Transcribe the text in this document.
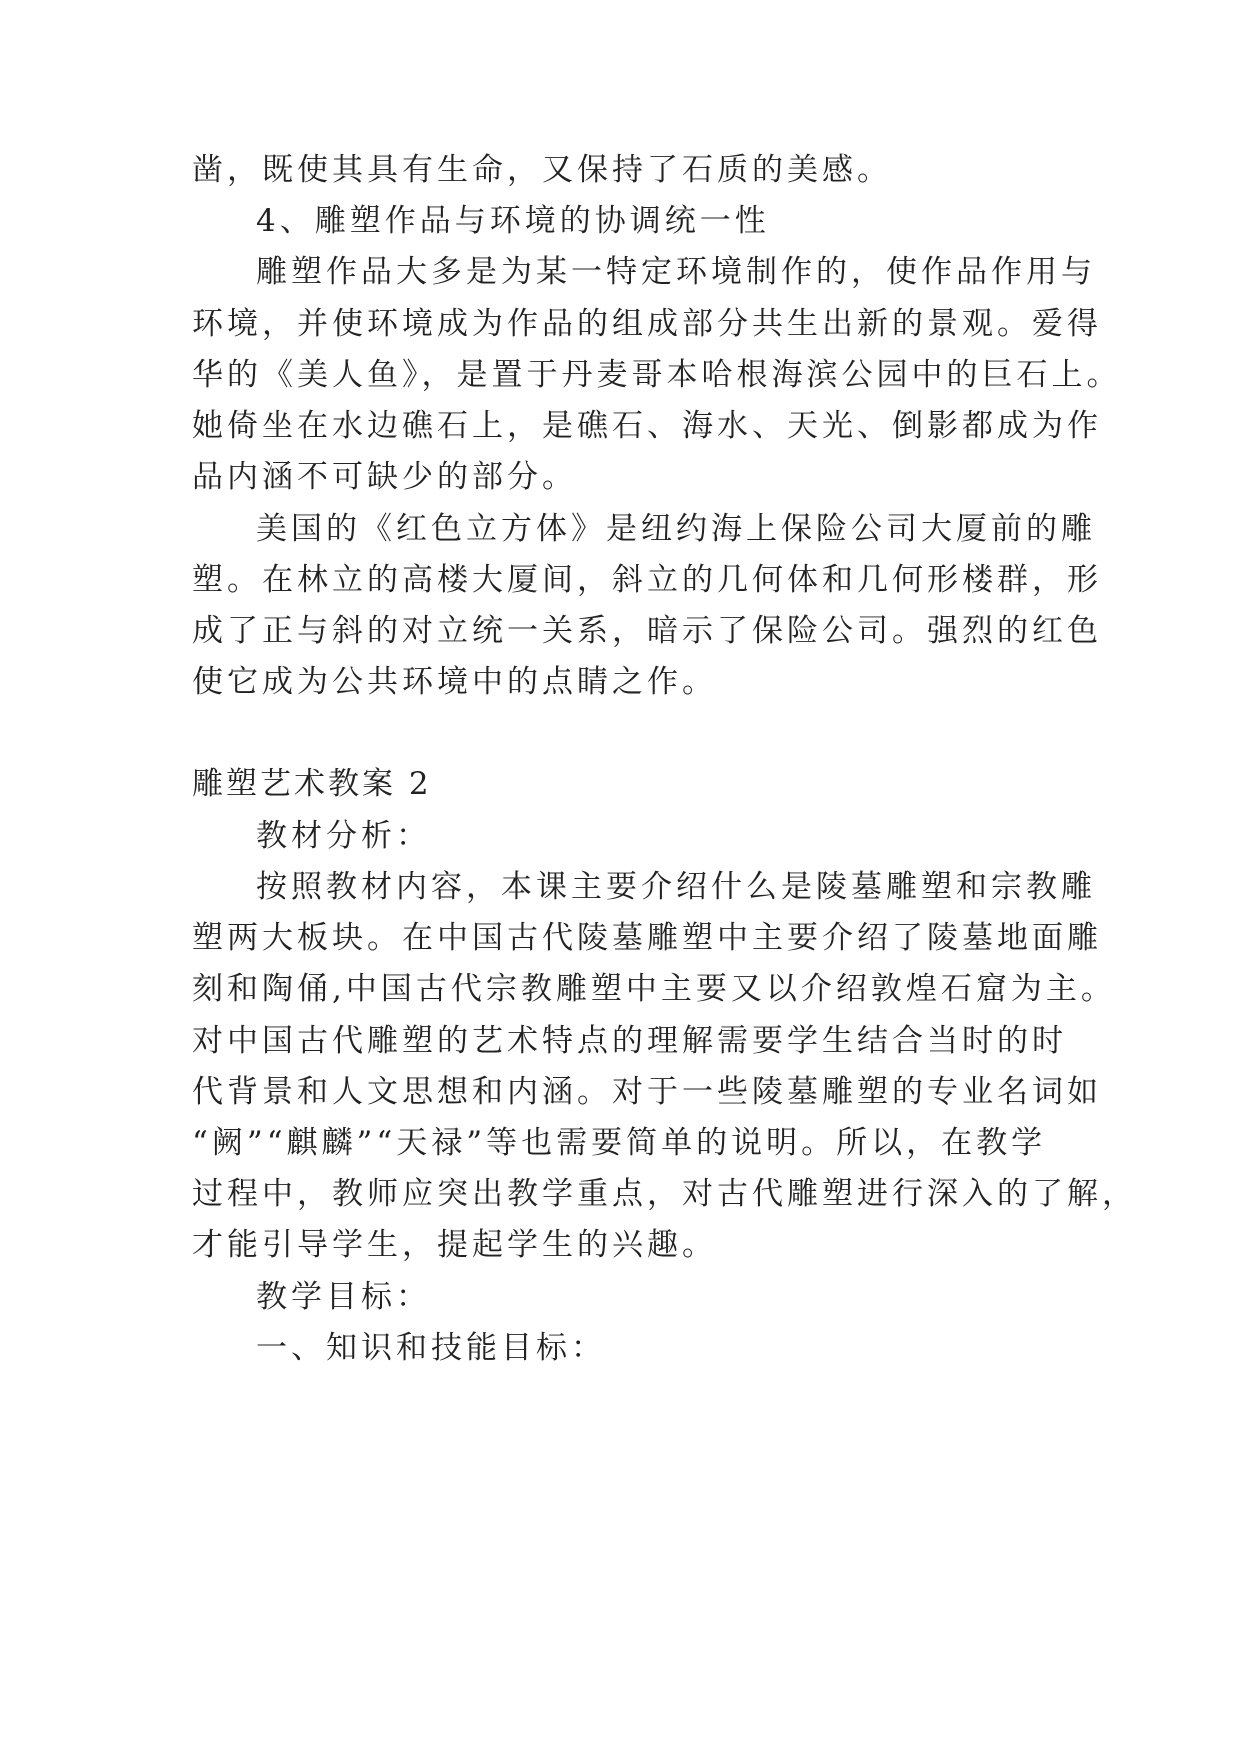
凿，既使其具有生命，又保持了石质的美感。
4、雕塑作品与环境的协调统一性
雕塑作品大多是为某一特定环境制作的，使作品作用与
环境，并使环境成为作品的组成部分共生出新的景观。爱得
华的《美人鱼》，是置于丹麦哥本哈根海滨公园中的巨石上。
她倚坐在水边礁石上，是礁石、海水、天光、倒影都成为作
品内涵不可缺少的部分。
美国的《红色立方体》是纽约海上保险公司大厦前的雕
塑。在林立的高楼大厦间，斜立的几何体和几何形楼群，形
成了正与斜的对立统一关系，暗示了保险公司。强烈的红色
使它成为公共环境中的点睛之作。
雕塑艺术教案 2
教材分析：
按照教材内容，本课主要介绍什么是陵墓雕塑和宗教雕
塑两大板块。在中国古代陵墓雕塑中主要介绍了陵墓地面雕
刻和陶俑,中国古代宗教雕塑中主要又以介绍敦煌石窟为主。
对中国古代雕塑的艺术特点的理解需要学生结合当时的时
代背景和人文思想和内涵。对于一些陵墓雕塑的专业名词如
“阙”“麒麟”“天禄”等也需要简单的说明。所以，在教学
过程中，教师应突出教学重点，对古代雕塑进行深入的了解，
才能引导学生，提起学生的兴趣。
教学目标：
一、知识和技能目标：
